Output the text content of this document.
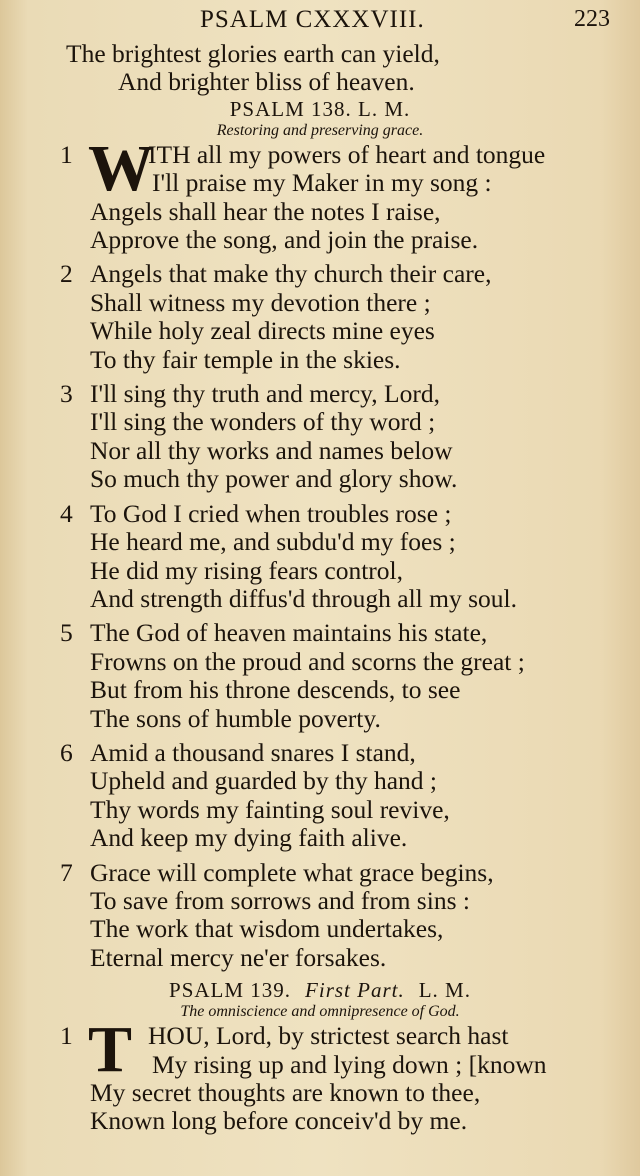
PSALM CXXXVIII.	223
The brightest glories earth can yield,
And brighter bliss of heaven.
PSALM 138. L. M.
Restoring and preserving grace.
1 W
ITH all my powers of heart and tongue
I'll praise my Maker in my song :
Angels shall hear the notes I raise,
Approve the song, and join the praise.
2 Angels that make thy church their care,
Shall witness my devotion there ;
While holy zeal directs mine eyes
To thy fair temple in the skies.
3 I'll sing thy truth and mercy, Lord,
I'll sing the wonders of thy word ;
Nor all thy works and names below
So much thy power and glory show.
4 To God I cried when troubles rose ;
He heard me, and subdu'd my foes ;
He did my rising fears control,
And strength diffus'd through all my soul.
5 The God of heaven maintains his state,
Frowns on the proud and scorns the great ;
But from his throne descends, to see
The sons of humble poverty.
6 Amid a thousand snares I stand,
Upheld and guarded by thy hand ;
Thy words my fainting soul revive,
And keep my dying faith alive.
7 Grace will complete what grace begins,
To save from sorrows and from sins :
The work that wisdom undertakes,
Eternal mercy ne'er forsakes.
PSALM 139. First Part. L. M.
The omniscience and omnipresence of God.
1 T HOU, Lord, by strictest search hast
My rising up and lying down ; [known
My secret thoughts are known to thee,
Known long before conceiv'd by me.
